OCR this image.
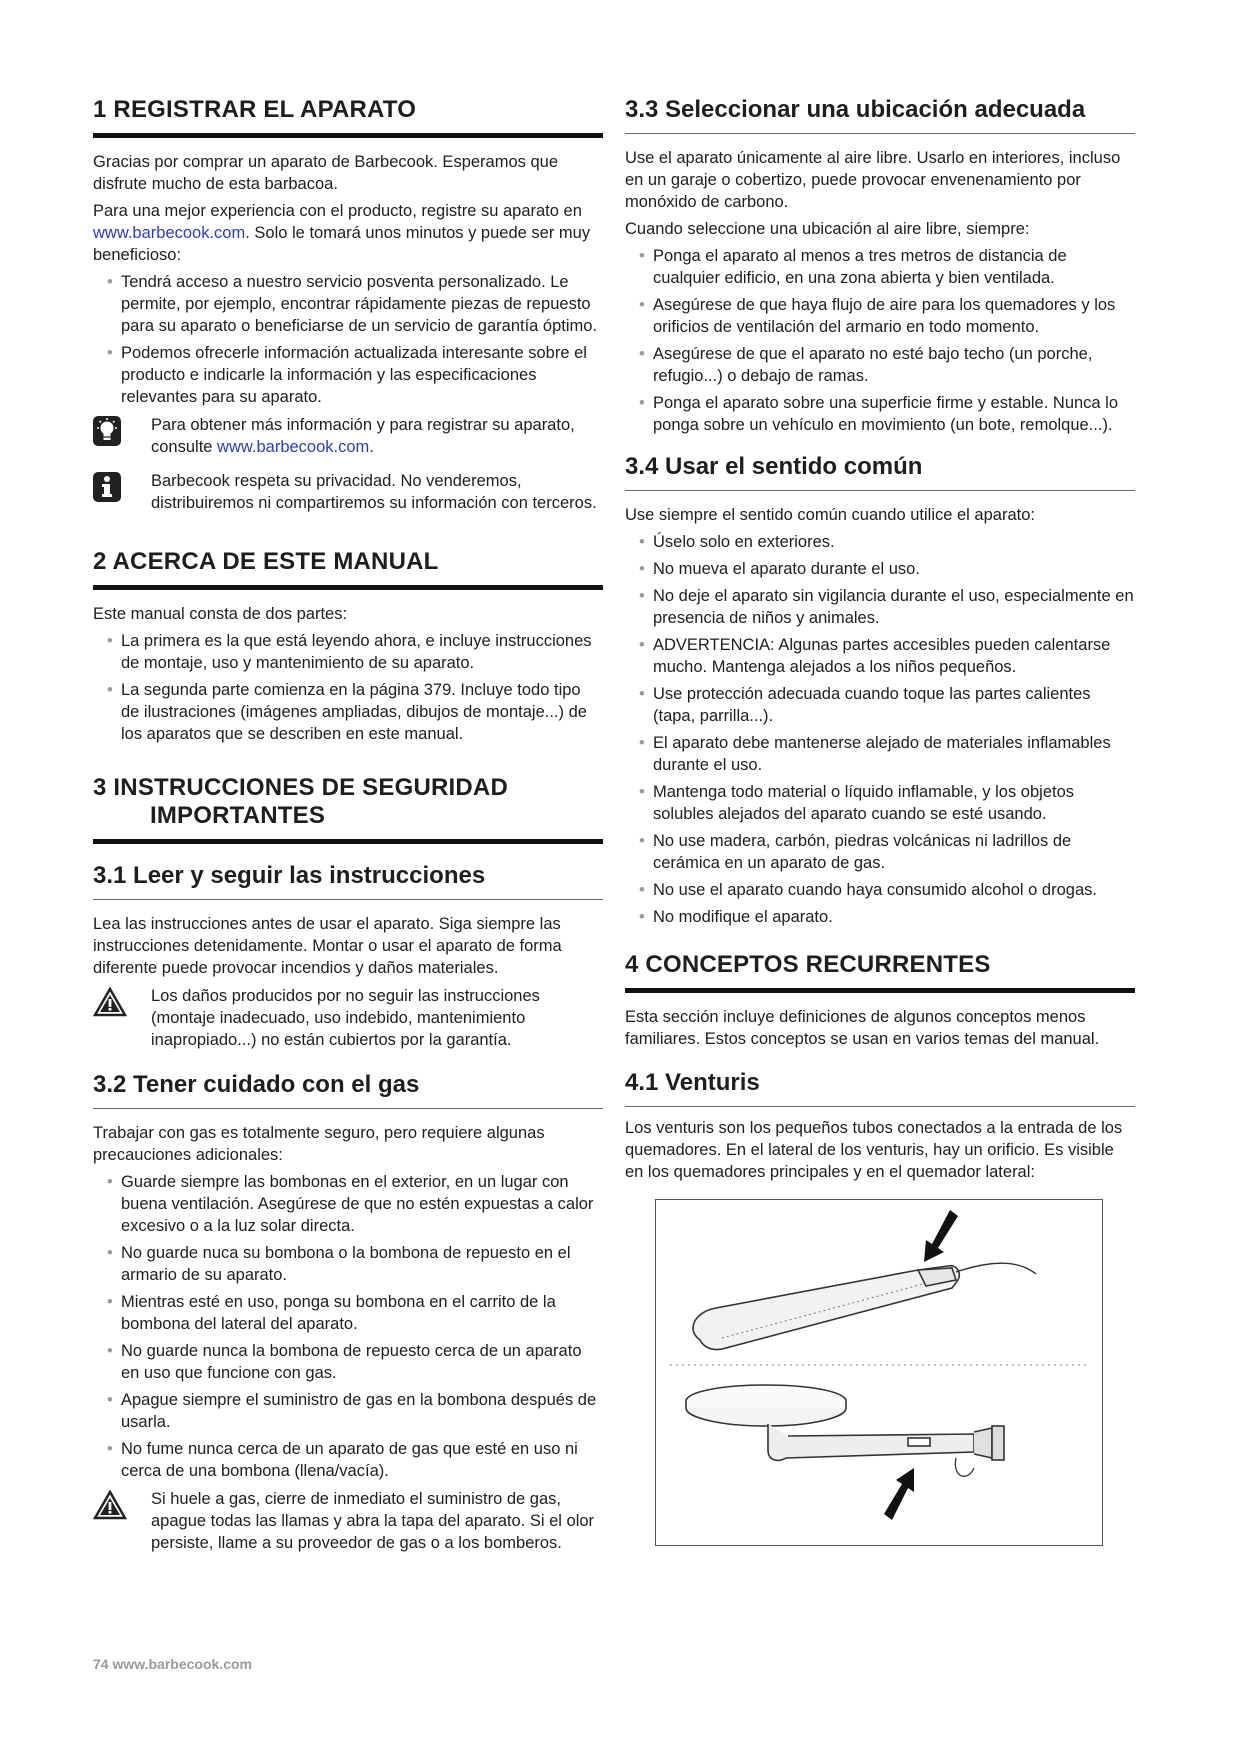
1 REGISTRAR EL APARATO

Gracias por comprar un aparato de Barbecook. Esperamos que disfrute mucho de esta barbacoa.

Para una mejor experiencia con el producto, registre su aparato en www.barbecook.com. Solo le tomará unos minutos y puede ser muy beneficioso:

• Tendrá acceso a nuestro servicio posventa personalizado. Le permite, por ejemplo, encontrar rápidamente piezas de repuesto para su aparato o beneficiarse de un servicio de garantía óptimo.
• Podemos ofrecerle información actualizada interesante sobre el producto e indicarle la información y las especificaciones relevantes para su aparato.
Para obtener más información y para registrar su aparato, consulte www.barbecook.com.
Barbecook respeta su privacidad. No venderemos, distribuiremos ni compartiremos su información con terceros.
2 ACERCA DE ESTE MANUAL

Este manual consta de dos partes:

• La primera es la que está leyendo ahora, e incluye instrucciones de montaje, uso y mantenimiento de su aparato.
• La segunda parte comienza en la página 379. Incluye todo tipo de ilustraciones (imágenes ampliadas, dibujos de montaje...) de los aparatos que se describen en este manual.
3 INSTRUCCIONES DE SEGURIDAD
IMPORTANTES
3.1 Leer y seguir las instrucciones

Lea las instrucciones antes de usar el aparato. Siga siempre las instrucciones detenidamente. Montar o usar el aparato de forma diferente puede provocar incendios y daños materiales.

Los daños producidos por no seguir las instrucciones (montaje inadecuado, uso indebido, mantenimiento inapropiado...) no están cubiertos por la garantía.
3.2 Tener cuidado con el gas

Trabajar con gas es totalmente seguro, pero requiere algunas precauciones adicionales:

• Guarde siempre las bombonas en el exterior, en un lugar con buena ventilación. Asegúrese de que no estén expuestas a calor excesivo o a la luz solar directa.
• No guarde nuca su bombona o la bombona de repuesto en el armario de su aparato.
• Mientras esté en uso, ponga su bombona en el carrito de la bombona del lateral del aparato.
• No guarde nunca la bombona de repuesto cerca de un aparato en uso que funcione con gas.
• Apague siempre el suministro de gas en la bombona después de usarla.
• No fume nunca cerca de un aparato de gas que esté en uso ni cerca de una bombona (llena/vacía).
Si huele a gas, cierre de inmediato el suministro de gas, apague todas las llamas y abra la tapa del aparato. Si el olor persiste, llame a su proveedor de gas o a los bomberos.
3.3 Seleccionar una ubicación adecuada

Use el aparato únicamente al aire libre. Usarlo en interiores, incluso en un garaje o cobertizo, puede provocar envenenamiento por monóxido de carbono.

Cuando seleccione una ubicación al aire libre, siempre:

• Ponga el aparato al menos a tres metros de distancia de cualquier edificio, en una zona abierta y bien ventilada.
• Asegúrese de que haya flujo de aire para los quemadores y los orificios de ventilación del armario en todo momento.
• Asegúrese de que el aparato no esté bajo techo (un porche, refugio...) o debajo de ramas.
• Ponga el aparato sobre una superficie firme y estable. Nunca lo ponga sobre un vehículo en movimiento (un bote, remolque...).
3.4 Usar el sentido común

Use siempre el sentido común cuando utilice el aparato:

• Úselo solo en exteriores.
• No mueva el aparato durante el uso.
• No deje el aparato sin vigilancia durante el uso, especialmente en presencia de niños y animales.
• ADVERTENCIA: Algunas partes accesibles pueden calentarse mucho. Mantenga alejados a los niños pequeños.
• Use protección adecuada cuando toque las partes calientes (tapa, parrilla...).
• El aparato debe mantenerse alejado de materiales inflamables durante el uso.
• Mantenga todo material o líquido inflamable, y los objetos solubles alejados del aparato cuando se esté usando.
• No use madera, carbón, piedras volcánicas ni ladrillos de cerámica en un aparato de gas.
• No use el aparato cuando haya consumido alcohol o drogas.
• No modifique el aparato.
4 CONCEPTOS RECURRENTES

Esta sección incluye definiciones de algunos conceptos menos familiares. Estos conceptos se usan en varios temas del manual.

4.1 Venturis

Los venturis son los pequeños tubos conectados a la entrada de los quemadores. En el lateral de los venturis, hay un orificio. Es visible en los quemadores principales y en el quemador lateral:

74 www.barbecook.com
